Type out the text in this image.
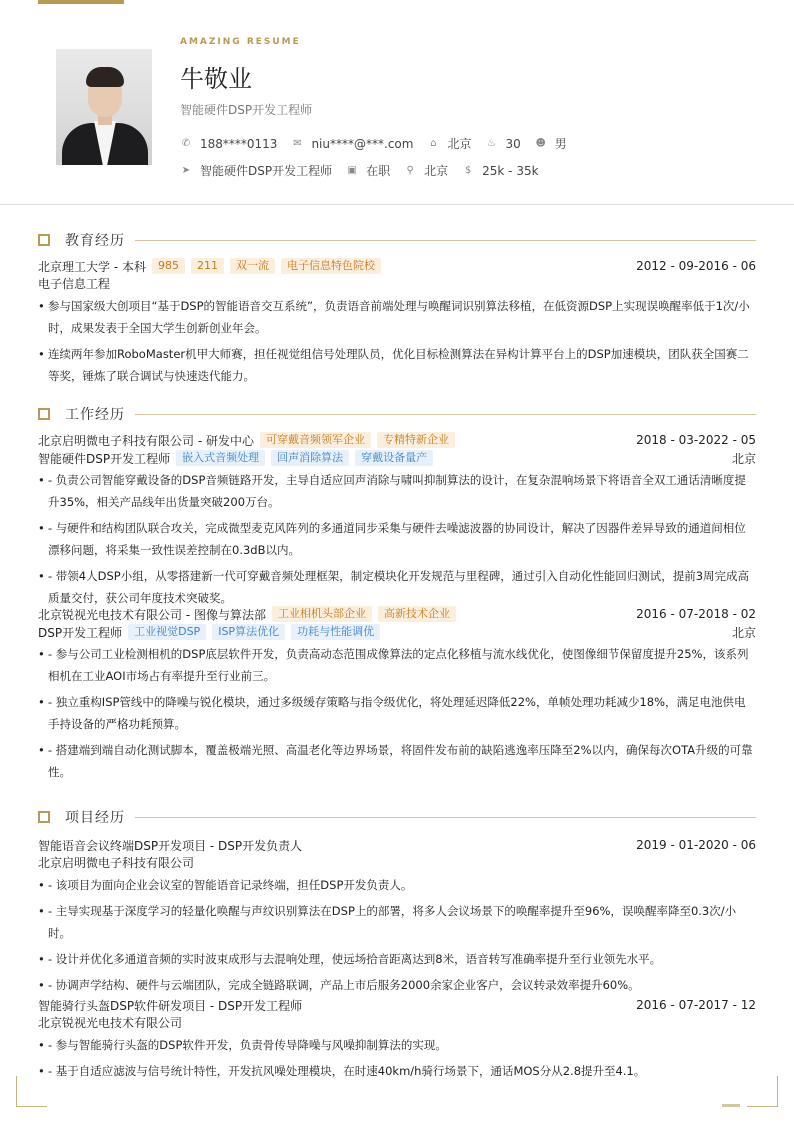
AMAZING RESUME
牛敬业
智能硬件DSP开发工程师
✆ 188****0113 ✉ niu****@***.com ⌂ 北京 ♨ 30 ☻ 男
➤ 智能硬件DSP开发工程师 ▣ 在职 ⚲ 北京 $ 25k - 35k
教育经历
北京理工大学 - 本科	985	211	双一流	电子信息特色院校	2012 - 09-2016 - 06
电子信息工程
• 参与国家级大创项目“基于DSP的智能语音交互系统”，负责语音前端处理与唤醒词识别算法移植，在低资源DSP上实现误唤醒率低于1次/小时，成果发表于全国大学生创新创业年会。
• 连续两年参加RoboMaster机甲大师赛，担任视觉组信号处理队员，优化目标检测算法在异构计算平台上的DSP加速模块，团队获全国赛二等奖，锤炼了联合调试与快速迭代能力。
工作经历
北京启明微电子科技有限公司 - 研发中心	可穿戴音频领军企业	专精特新企业	2018 - 03-2022 - 05
智能硬件DSP开发工程师	嵌入式音频处理	回声消除算法	穿戴设备量产	北京
• - 负责公司智能穿戴设备的DSP音频链路开发，主导自适应回声消除与啸叫抑制算法的设计，在复杂混响场景下将语音全双工通话清晰度提升35%，相关产品线年出货量突破200万台。
• - 与硬件和结构团队联合攻关，完成微型麦克风阵列的多通道同步采集与硬件去噪滤波器的协同设计，解决了因器件差异导致的通道间相位漂移问题，将采集一致性误差控制在0.3dB以内。
• - 带领4人DSP小组，从零搭建新一代可穿戴音频处理框架，制定模块化开发规范与里程碑，通过引入自动化性能回归测试，提前3周完成高质量交付，获公司年度技术突破奖。
北京锐视光电技术有限公司 - 图像与算法部	工业相机头部企业	高新技术企业	2016 - 07-2018 - 02
DSP开发工程师	工业视觉DSP	ISP算法优化	功耗与性能调优	北京
• - 参与公司工业检测相机的DSP底层软件开发，负责高动态范围成像算法的定点化移植与流水线优化，使图像细节保留度提升25%，该系列相机在工业AOI市场占有率提升至行业前三。
• - 独立重构ISP管线中的降噪与锐化模块，通过多级缓存策略与指令级优化，将处理延迟降低22%，单帧处理功耗减少18%，满足电池供电手持设备的严格功耗预算。
• - 搭建端到端自动化测试脚本，覆盖极端光照、高温老化等边界场景，将固件发布前的缺陷逃逸率压降至2%以内，确保每次OTA升级的可靠性。
项目经历
智能语音会议终端DSP开发项目 - DSP开发负责人	2019 - 01-2020 - 06
北京启明微电子科技有限公司
• - 该项目为面向企业会议室的智能语音记录终端，担任DSP开发负责人。
• - 主导实现基于深度学习的轻量化唤醒与声纹识别算法在DSP上的部署，将多人会议场景下的唤醒率提升至96%，误唤醒率降至0.3次/小时。
• - 设计并优化多通道音频的实时波束成形与去混响处理，使远场拾音距离达到8米，语音转写准确率提升至行业领先水平。
• - 协调声学结构、硬件与云端团队，完成全链路联调，产品上市后服务2000余家企业客户，会议转录效率提升60%。
智能骑行头盔DSP软件研发项目 - DSP开发工程师	2016 - 07-2017 - 12
北京锐视光电技术有限公司
• - 参与智能骑行头盔的DSP软件开发，负责骨传导降噪与风噪抑制算法的实现。
• - 基于自适应滤波与信号统计特性，开发抗风噪处理模块，在时速40km/h骑行场景下，通话MOS分从2.8提升至4.1。
